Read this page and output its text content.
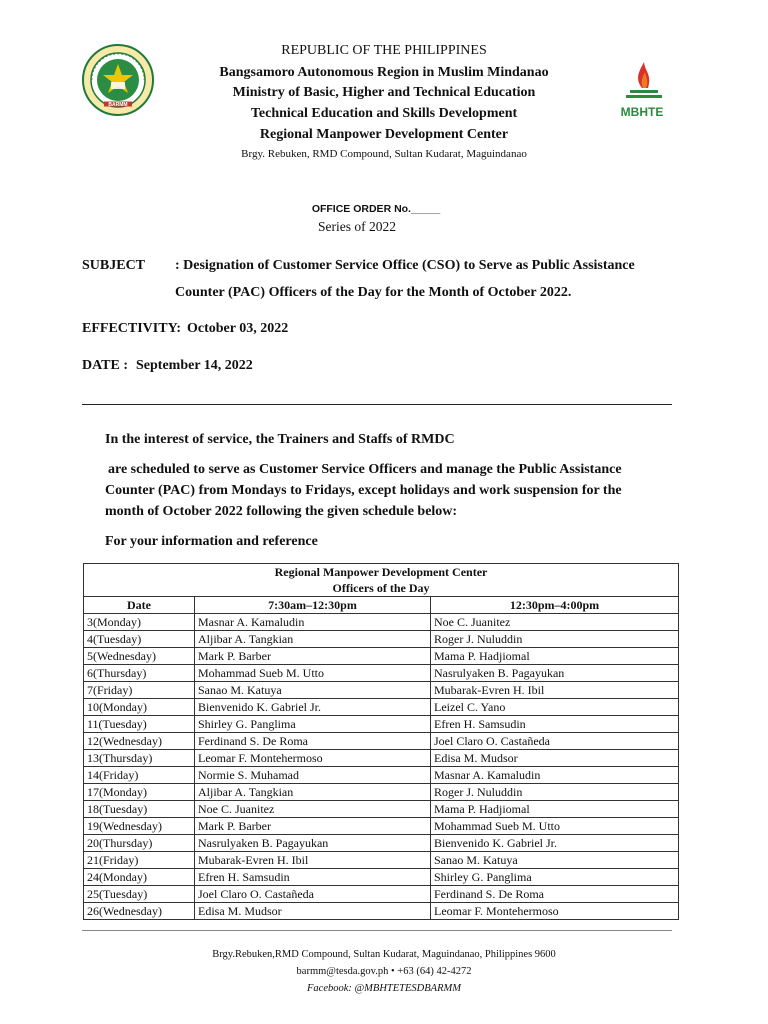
BARMM
REPUBLIC OF THE PHILIPPINES
Bangsamoro Autonomous Region in Muslim Mindanao
Ministry of Basic, Higher and Technical Education
Technical Education and Skills Development
Regional Manpower Development Center
Brgy. Rebuken, RMD Compound, Sultan Kudarat, Maguindanao
MBHTE
OFFICE ORDER No._____
Series of 2022
SUBJECT : Designation of Customer Service Office (CSO) to Serve as Public Assistance
Counter (PAC) Officers of the Day for the Month of October 2022.
EFFECTIVITY: October 03, 2022
DATE : September 14, 2022
In the interest of service, the Trainers and Staffs of RMDC
are scheduled to serve as Customer Service Officers and manage the Public Assistance
Counter (PAC) from Mondays to Fridays, except holidays and work suspension for the
month of October 2022 following the given schedule below:
For your information and reference
Regional Manpower Development Center		
Officers of the Day		
Date	7:30am–12:30pm	12:30pm–4:00pm
3(Monday)	Masnar A. Kamaludin	Noe C. Juanitez
4(Tuesday)	Aljibar A. Tangkian	Roger J. Nuluddin
5(Wednesday)	Mark P. Barber	Mama P. Hadjiomal
6(Thursday)	Mohammad Sueb M. Utto	Nasrulyaken B. Pagayukan
7(Friday)	Sanao M. Katuya	Mubarak-Evren H. Ibil
10(Monday)	Bienvenido K. Gabriel Jr.	Leizel C. Yano
11(Tuesday)	Shirley G. Panglima	Efren H. Samsudin
12(Wednesday)	Ferdinand S. De Roma	Joel Claro O. Castañeda
13(Thursday)	Leomar F. Montehermoso	Edisa M. Mudsor
14(Friday)	Normie S. Muhamad	Masnar A. Kamaludin
17(Monday)	Aljibar A. Tangkian	Roger J. Nuluddin
18(Tuesday)	Noe C. Juanitez	Mama P. Hadjiomal
19(Wednesday)	Mark P. Barber	Mohammad Sueb M. Utto
20(Thursday)	Nasrulyaken B. Pagayukan	Bienvenido K. Gabriel Jr.
21(Friday)	Mubarak-Evren H. Ibil	Sanao M. Katuya
24(Monday)	Efren H. Samsudin	Shirley G. Panglima
25(Tuesday)	Joel Claro O. Castañeda	Ferdinand S. De Roma
26(Wednesday)	Edisa M. Mudsor	Leomar F. Montehermoso
Brgy.Rebuken,RMD Compound, Sultan Kudarat, Maguindanao, Philippines 9600
barmm@tesda.gov.ph • +63 (64) 42-4272
Facebook: @MBHTETESDBARMM
